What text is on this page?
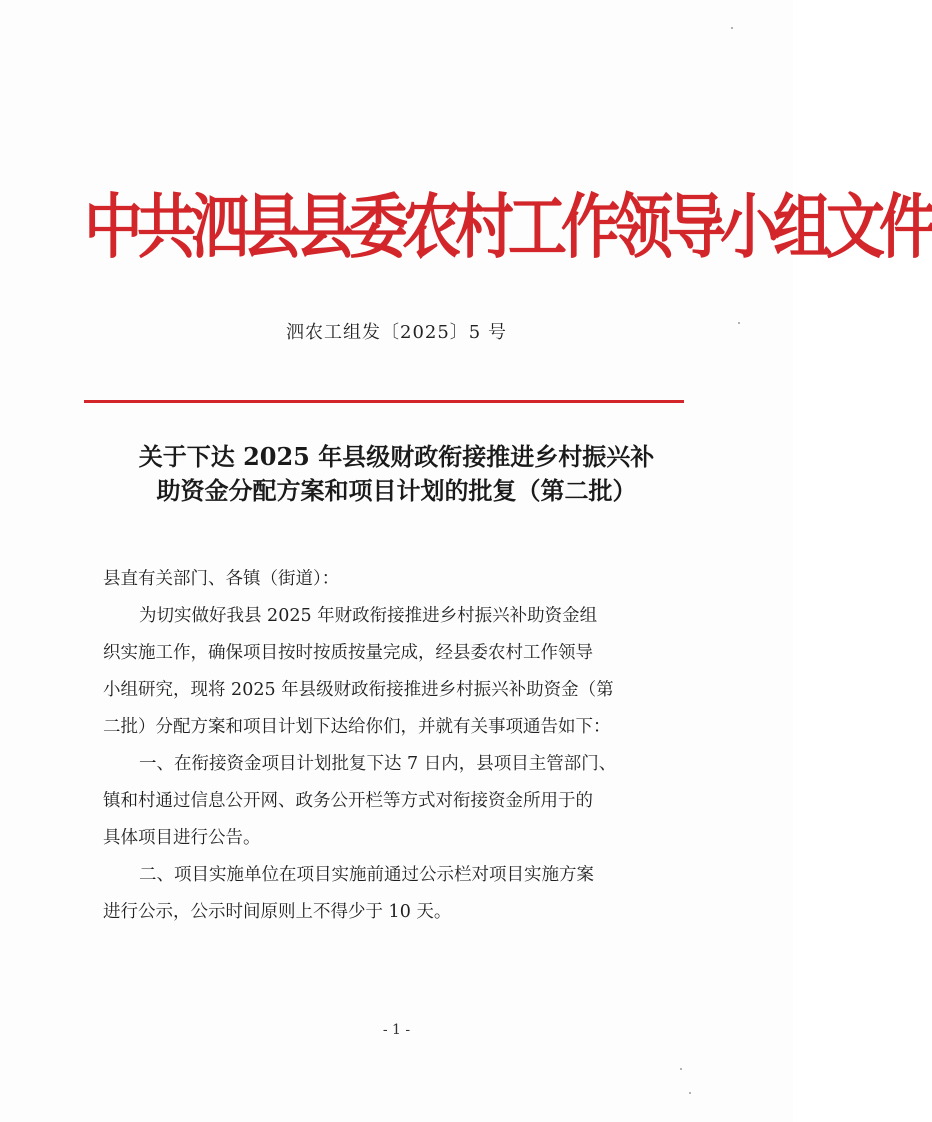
中共泗县县委农村工作领导小组文件
泗农工组发〔2025〕5 号
关于下达 2025 年县级财政衔接推进乡村振兴补
助资金分配方案和项目计划的批复（第二批）

县直有关部门、各镇（街道）：

为切实做好我县 2025 年财政衔接推进乡村振兴补助资金组

织实施工作，确保项目按时按质按量完成，经县委农村工作领导

小组研究，现将 2025 年县级财政衔接推进乡村振兴补助资金（第

二批）分配方案和项目计划下达给你们，并就有关事项通告如下：

一、在衔接资金项目计划批复下达 7 日内，县项目主管部门、

镇和村通过信息公开网、政务公开栏等方式对衔接资金所用于的

具体项目进行公告。

二、项目实施单位在项目实施前通过公示栏对项目实施方案

进行公示，公示时间原则上不得少于 10 天。

- 1 -
